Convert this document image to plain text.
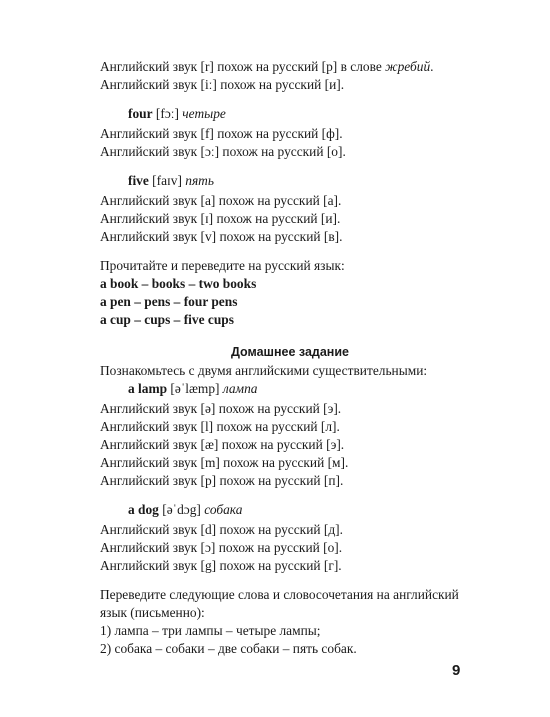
Английский звук [r] похож на русский [р] в слове жребий.
Английский звук [iː] похож на русский [и].
four [fɔː] четыре
Английский звук [f] похож на русский [ф].
Английский звук [ɔː] похож на русский [о].
five [faɪv] пять
Английский звук [a] похож на русский [а].
Английский звук [ɪ] похож на русский [и].
Английский звук [v] похож на русский [в].
Прочитайте и переведите на русский язык:
a book – books – two books
a pen – pens – four pens
a cup – cups – five cups
Домашнее задание
Познакомьтесь с двумя английскими существительными:
a lamp [əˈlæmp] лампа
Английский звук [ə] похож на русский [э].
Английский звук [l] похож на русский [л].
Английский звук [æ] похож на русский [э].
Английский звук [m] похож на русский [м].
Английский звук [p] похож на русский [п].
a dog [əˈdɔg] собака
Английский звук [d] похож на русский [д].
Английский звук [ɔ] похож на русский [о].
Английский звук [g] похож на русский [г].
Переведите следующие слова и словосочетания на английский
язык (письменно):
1) лампа – три лампы – четыре лампы;
2) собака – собаки – две собаки – пять собак.
9
